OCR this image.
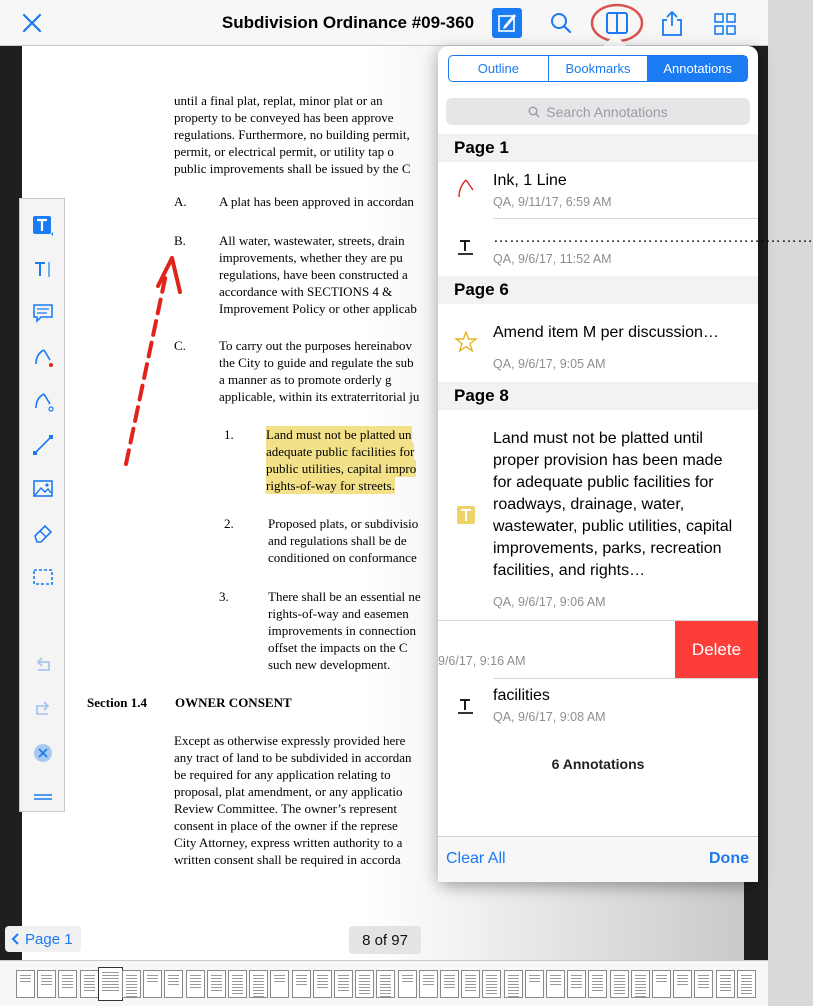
Subdivision Ordinance #09-360
until a final plat, replat, minor plat or an
property to be conveyed has been approve
regulations. Furthermore, no building permit,
permit, or electrical permit, or utility tap o
public improvements shall be issued by the C
A. A plat has been approved in accordan
B.	All water, wastewater, streets, drain
improvements, whether they are pu
regulations, have been constructed a
accordance with SECTIONS 4 &
Improvement Policy or other applicab
C.	To carry out the purposes hereinabov
the City to guide and regulate the sub
a manner as to promote orderly g
applicable, within its extraterritorial ju
1. Land must not be platted un
adequate public facilities for
public utilities, capital impro
rights-of-way for streets.
2.	Proposed plats, or subdivisio
and regulations shall be de
conditioned on conformance
3.	There shall be an essential ne
rights-of-way and easemen
improvements in connection
offset the impacts on the C
such new development.
Section 1.4 OWNER CONSENT
Except as otherwise expressly provided here
any tract of land to be subdivided in accordan
be required for any application relating to
proposal, plat amendment, or any applicatio
Review Committee. The owner’s represent
consent in place of the owner if the represe
City Attorney, express written authority to a
written consent shall be required in accorda
Outline	Bookmarks	Annotations
Search Annotations
Page 1
Ink, 1 Line
QA, 9/11/17, 6:59 AM
……………………………………………………
QA, 9/6/17, 11:52 AM
Page 6
Amend item M per discussion…
QA, 9/6/17, 9:05 AM
Page 8
Land must not be platted until proper provision has been made for adequate public facilities for roadways, drainage, water, wastewater, public utilities, capital improvements, parks, recreation facilities, and rights…
QA, 9/6/17, 9:06 AM
9/6/17, 9:16 AM
Delete
facilities
QA, 9/6/17, 9:08 AM
6 Annotations
Clear All	Done
Page 1	8 of 97
